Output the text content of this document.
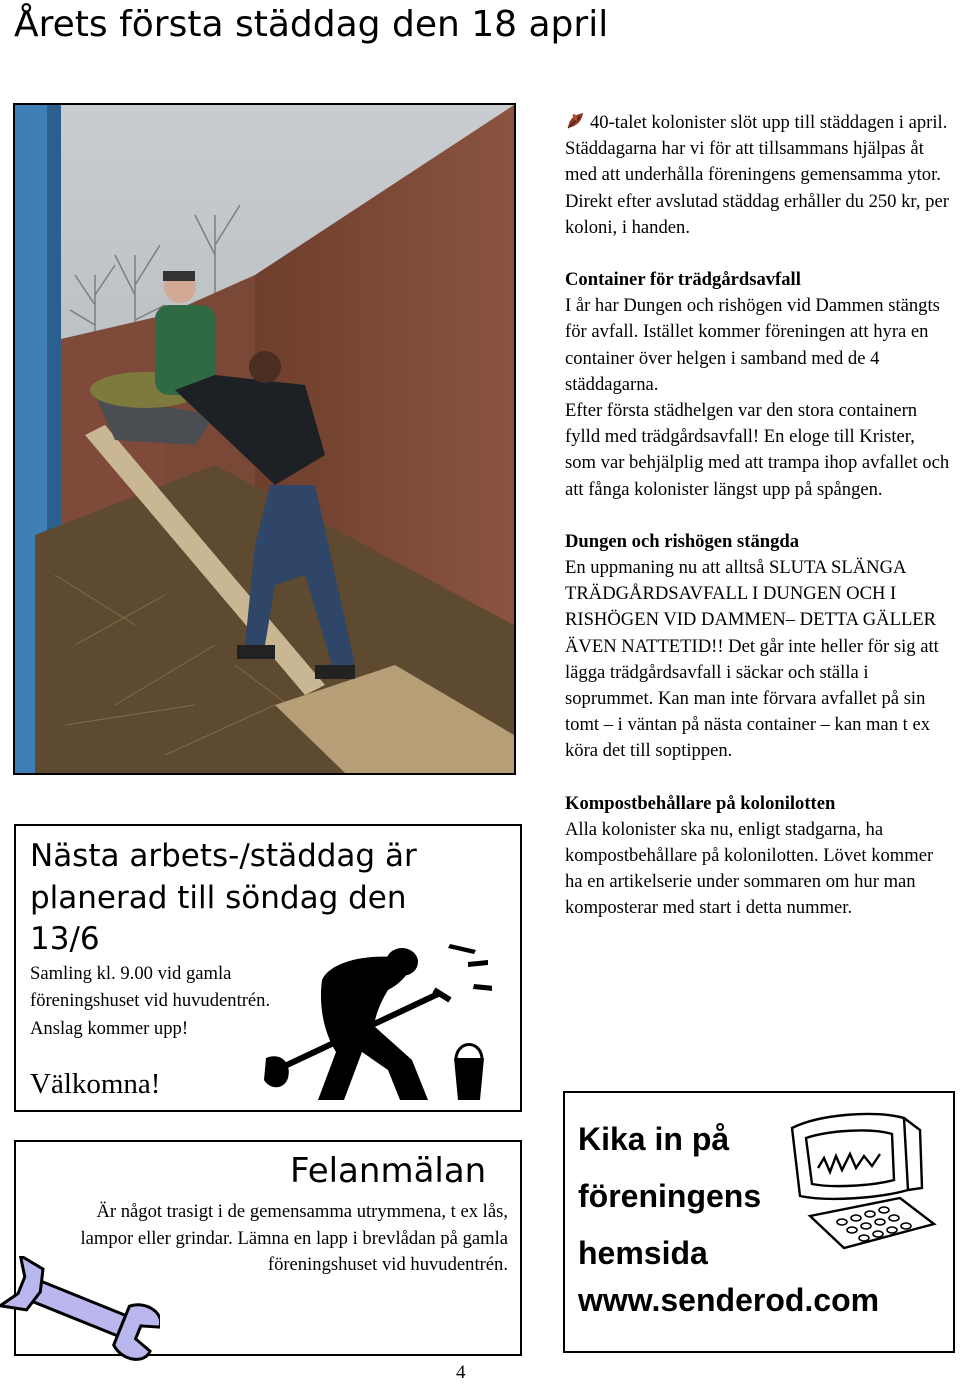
Årets första städdag den 18 april

40-talet kolonister slöt upp till städdagen i april. Städdagarna har vi för att tillsammans hjälpas åt med att underhålla föreningens gemensamma ytor. Direkt efter avslutad städdag erhåller du 250 kr, per koloni, i handen.

Container för trädgårdsavfall

I år har Dungen och rishögen vid Dammen stängts för avfall. Istället kommer föreningen att hyra en container över helgen i samband med de 4 städdagarna.

Efter första städhelgen var den stora containern fylld med trädgårdsavfall! En eloge till Krister, som var behjälplig med att trampa ihop avfallet och att fånga kolonister längst upp på spången.

Dungen och rishögen stängda

En uppmaning nu att alltså SLUTA SLÄNGA TRÄDGÅRDSAVFALL I DUNGEN OCH I RISHÖGEN VID DAMMEN– DETTA GÄLLER ÄVEN NATTETID!! Det går inte heller för sig att lägga trädgårdsavfall i säckar och ställa i soprummet. Kan man inte förvara avfallet på sin tomt – i väntan på nästa container – kan man t ex köra det till soptippen.

Kompostbehållare på kolonilotten

Alla kolonister ska nu, enligt stadgarna, ha kompostbehållare på kolonilotten. Lövet kommer ha en artikelserie under sommaren om hur man komposterar med start i detta nummer.

Nästa arbets-/städdag är planerad till söndag den 13/6
Samling kl. 9.00 vid gamla föreningshuset vid huvudentrén. Anslag kommer upp!
Välkomna!
Felanmälan
Är något trasigt i de gemensamma utrymmena, t ex lås, lampor eller grindar. Lämna en lapp i brevlådan på gamla föreningshuset vid huvudentrén.
Kika in på föreningens hemsida
www.senderod.com
4
